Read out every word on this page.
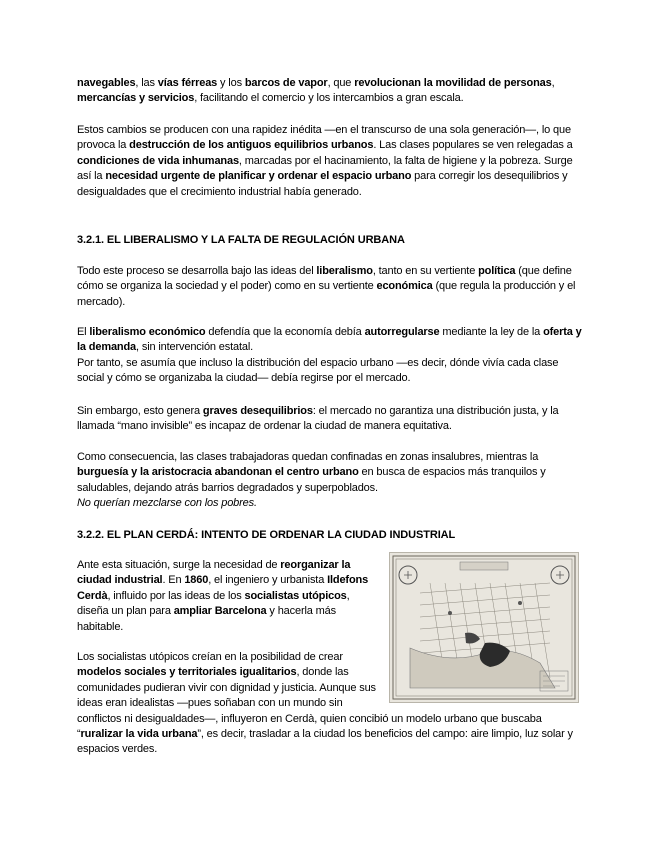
navegables, las vías férreas y los barcos de vapor, que revolucionan la movilidad de personas, mercancías y servicios, facilitando el comercio y los intercambios a gran escala.
Estos cambios se producen con una rapidez inédita —en el transcurso de una sola generación—, lo que provoca la destrucción de los antiguos equilibrios urbanos. Las clases populares se ven relegadas a condiciones de vida inhumanas, marcadas por el hacinamiento, la falta de higiene y la pobreza. Surge así la necesidad urgente de planificar y ordenar el espacio urbano para corregir los desequilibrios y desigualdades que el crecimiento industrial había generado.
3.2.1. EL LIBERALISMO Y LA FALTA DE REGULACIÓN URBANA
Todo este proceso se desarrolla bajo las ideas del liberalismo, tanto en su vertiente política (que define cómo se organiza la sociedad y el poder) como en su vertiente económica (que regula la producción y el mercado).
El liberalismo económico defendía que la economía debía autorregularse mediante la ley de la oferta y la demanda, sin intervención estatal.
Por tanto, se asumía que incluso la distribución del espacio urbano —es decir, dónde vivía cada clase social y cómo se organizaba la ciudad— debía regirse por el mercado.
Sin embargo, esto genera graves desequilibrios: el mercado no garantiza una distribución justa, y la llamada “mano invisible” es incapaz de ordenar la ciudad de manera equitativa.
Como consecuencia, las clases trabajadoras quedan confinadas en zonas insalubres, mientras la burguesía y la aristocracia abandonan el centro urbano en busca de espacios más tranquilos y saludables, dejando atrás barrios degradados y superpoblados.
No querían mezclarse con los pobres.
3.2.2. EL PLAN CERDÁ: INTENTO DE ORDENAR LA CIUDAD INDUSTRIAL
Ante esta situación, surge la necesidad de reorganizar la ciudad industrial. En 1860, el ingeniero y urbanista Ildefons Cerdà, influido por las ideas de los socialistas utópicos, diseña un plan para ampliar Barcelona y hacerla más habitable.
Los socialistas utópicos creían en la posibilidad de crear modelos sociales y territoriales igualitarios, donde las comunidades pudieran vivir con dignidad y justicia. Aunque sus ideas eran idealistas —pues soñaban con un mundo sin conflictos ni desigualdades—, influyeron en Cerdà, quien concibió un modelo urbano que buscaba “ruralizar la vida urbana”, es decir, trasladar a la ciudad los beneficios del campo: aire limpio, luz solar y espacios verdes.
